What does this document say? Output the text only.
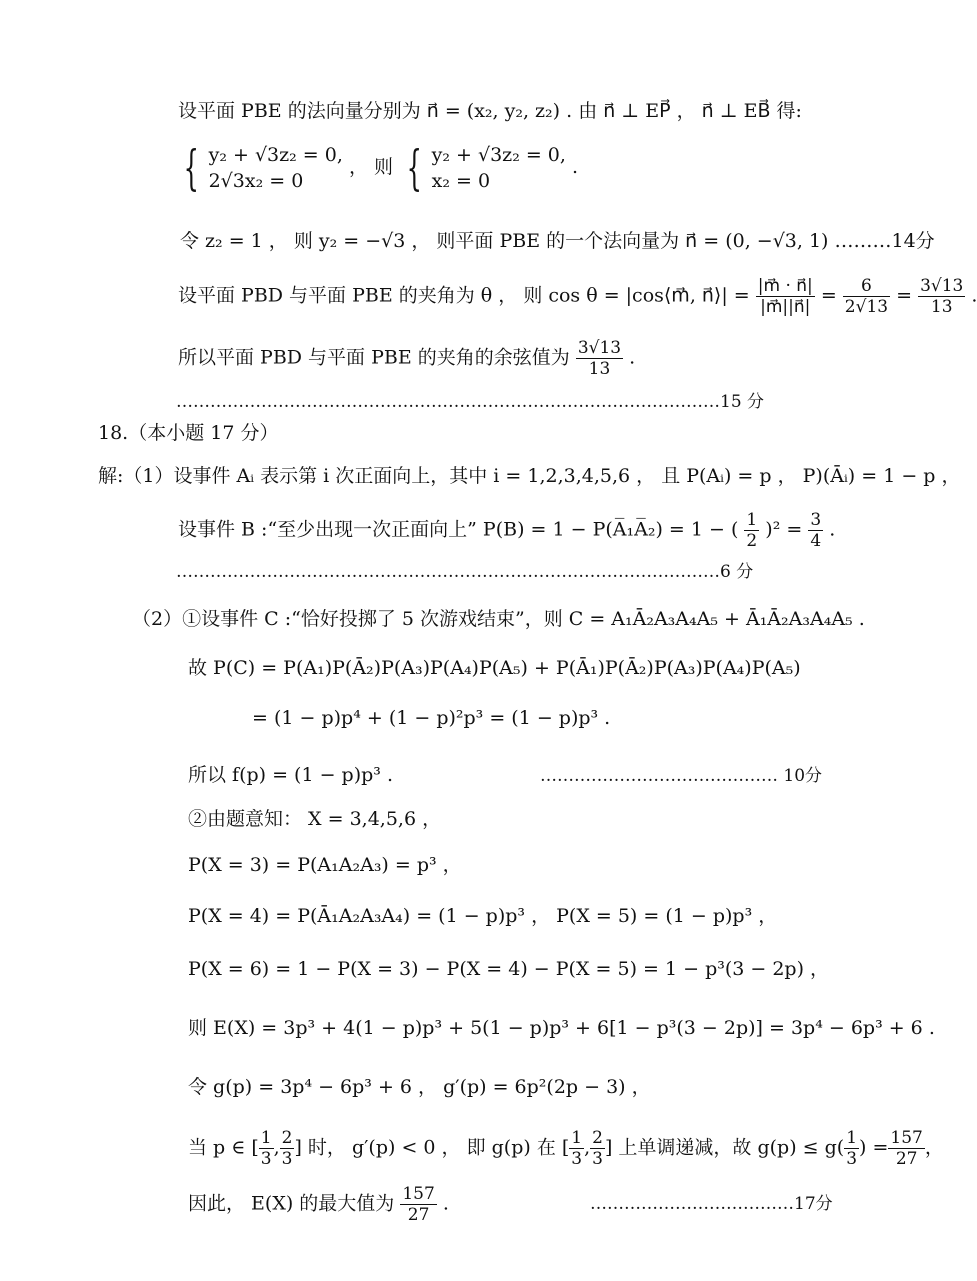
设平面 PBE 的法向量分别为 n⃗ = (x₂, y₂, z₂) . 由 n⃗ ⊥ EP⃗ ， n⃗ ⊥ EB⃗ 得:
{ y₂ + √3z₂ = 0,
2√3x₂ = 0
， 则 { y₂ + √3z₂ = 0,
x₂ = 0
.
令 z₂ = 1 ， 则 y₂ = −√3 ， 则平面 PBE 的一个法向量为 n⃗ = (0, −√3, 1) ………14分
设平面 PBD 与平面 PBE 的夹角为 θ ， 则 cos θ = |cos⟨m⃗, n⃗⟩| = $\frac{|m⃗ \cdot n⃗|}{|m⃗||n⃗|} = \frac{6}{2√13} = \frac{3√13}{13}$ .
所以平面 PBD 与平面 PBE 的夹角的余弦值为 $\frac{3√13}{13}$ .
……………………………………………………………………………………15 分
18.（本小题 17 分）
解:（1）设事件 Aᵢ 表示第 i 次正面向上，其中 i = 1,2,3,4,5,6 ， 且 P(Aᵢ) = p ， P)(Āᵢ) = 1 − p ，
设事件 B :“至少出现一次正面向上” P(B) = 1 − P(A̅₁A̅₂) = 1 − ( $\frac{1}{2} )^2 = \frac{3}{4}$ .
……………………………………………………………………………………6 分
（2）①设事件 C :“恰好投掷了 5 次游戏结束”，则 C = A₁Ā₂A₃A₄A₅ + Ā₁Ā₂A₃A₄A₅ .
故 P(C) = P(A₁)P(Ā₂)P(A₃)P(A₄)P(A₅) + P(Ā₁)P(Ā₂)P(A₃)P(A₄)P(A₅)
= (1 − p)p⁴ + (1 − p)²p³ = (1 − p)p³ .
所以 f(p) = (1 − p)p³ .	…………………………………… 10分
②由题意知： X = 3,4,5,6 ，
P(X = 3) = P(A₁A₂A₃) = p³ ，
P(X = 4) = P(Ā₁A₂A₃A₄) = (1 − p)p³ ， P(X = 5) = (1 − p)p³ ，
P(X = 6) = 1 − P(X = 3) − P(X = 4) − P(X = 5) = 1 − p³(3 − 2p) ，
则 E(X) = 3p³ + 4(1 − p)p³ + 5(1 − p)p³ + 6[1 − p³(3 − 2p)] = 3p⁴ − 6p³ + 6 .
令 g(p) = 3p⁴ − 6p³ + 6 ， g′(p) = 6p²(2p − 3) ，
当 p ∈ [ $\frac{1}{3}$ , $\frac{2}{3}$ ] 时， g′(p) < 0 ， 即 g(p) 在 [ $\frac{1}{3}$ , $\frac{2}{3}$ ] 上单调递减，故 $g(p) \le g( \frac{1}{3}$ ) = $\frac{157}{27}$ ，
因此， E(X) 的最大值为 $\frac{157}{27}$ .	………………………………17分
